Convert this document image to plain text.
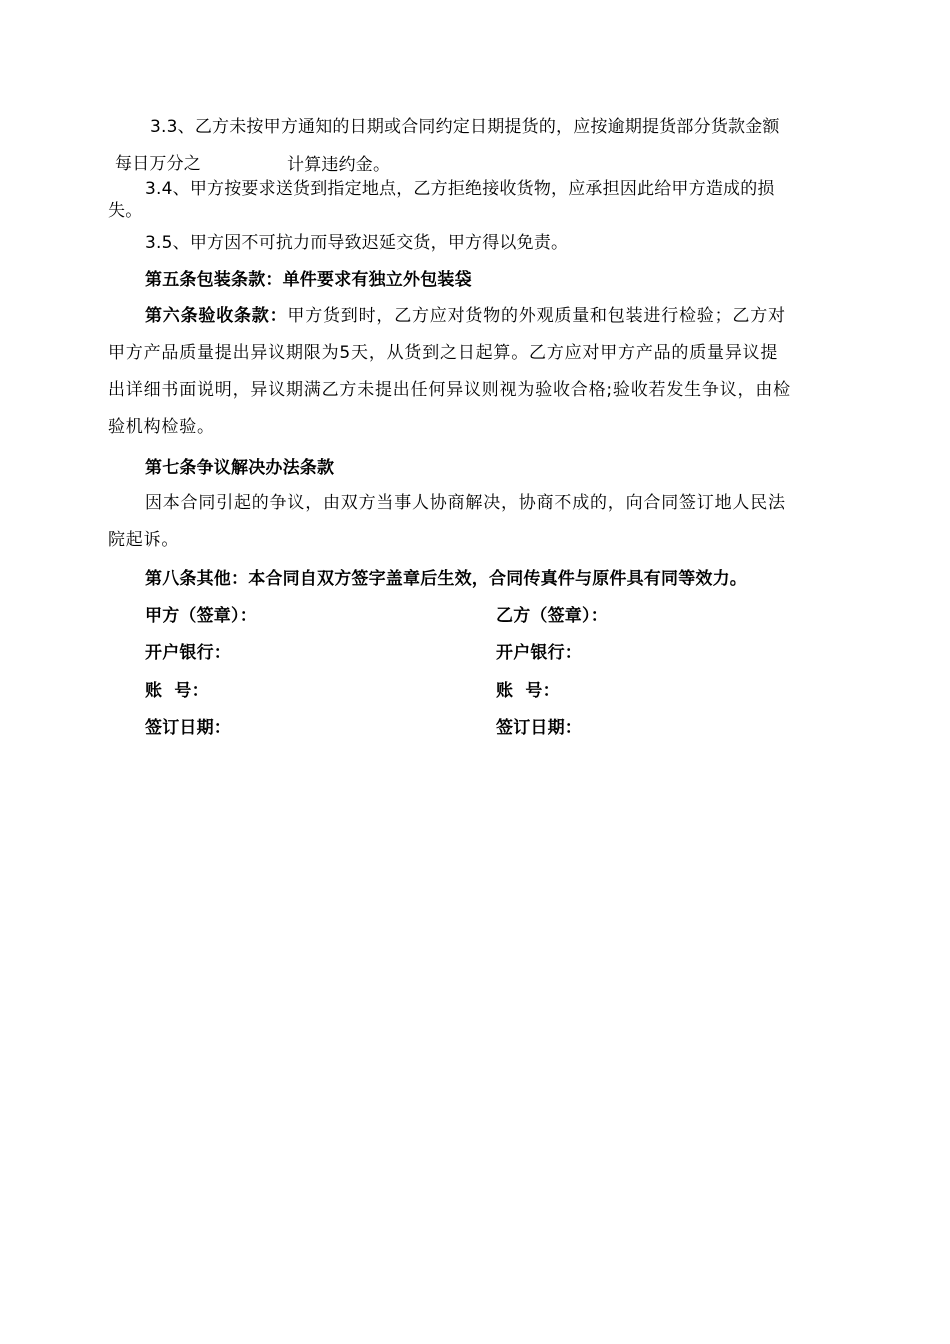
3.3、乙方未按甲方通知的日期或合同约定日期提货的，应按逾期提货部分货款金额
每日万分之	计算违约金。
3.4、甲方按要求送货到指定地点，乙方拒绝接收货物，应承担因此给甲方造成的损
失。
3.5、甲方因不可抗力而导致迟延交货，甲方得以免责。
第五条包装条款：单件要求有独立外包装袋
第六条验收条款：甲方货到时，乙方应对货物的外观质量和包装进行检验；乙方对
甲方产品质量提出异议期限为5天，从货到之日起算。乙方应对甲方产品的质量异议提
出详细书面说明，异议期满乙方未提出任何异议则视为验收合格;验收若发生争议，由检
验机构检验。
第七条争议解决办法条款
因本合同引起的争议，由双方当事人协商解决，协商不成的，向合同签订地人民法
院起诉。
第八条其他：本合同自双方签字盖章后生效，合同传真件与原件具有同等效力。
甲方（签章）：	乙方（签章）：
开户银行：	开户银行：
账  号：	账  号：
签订日期：	签订日期：
